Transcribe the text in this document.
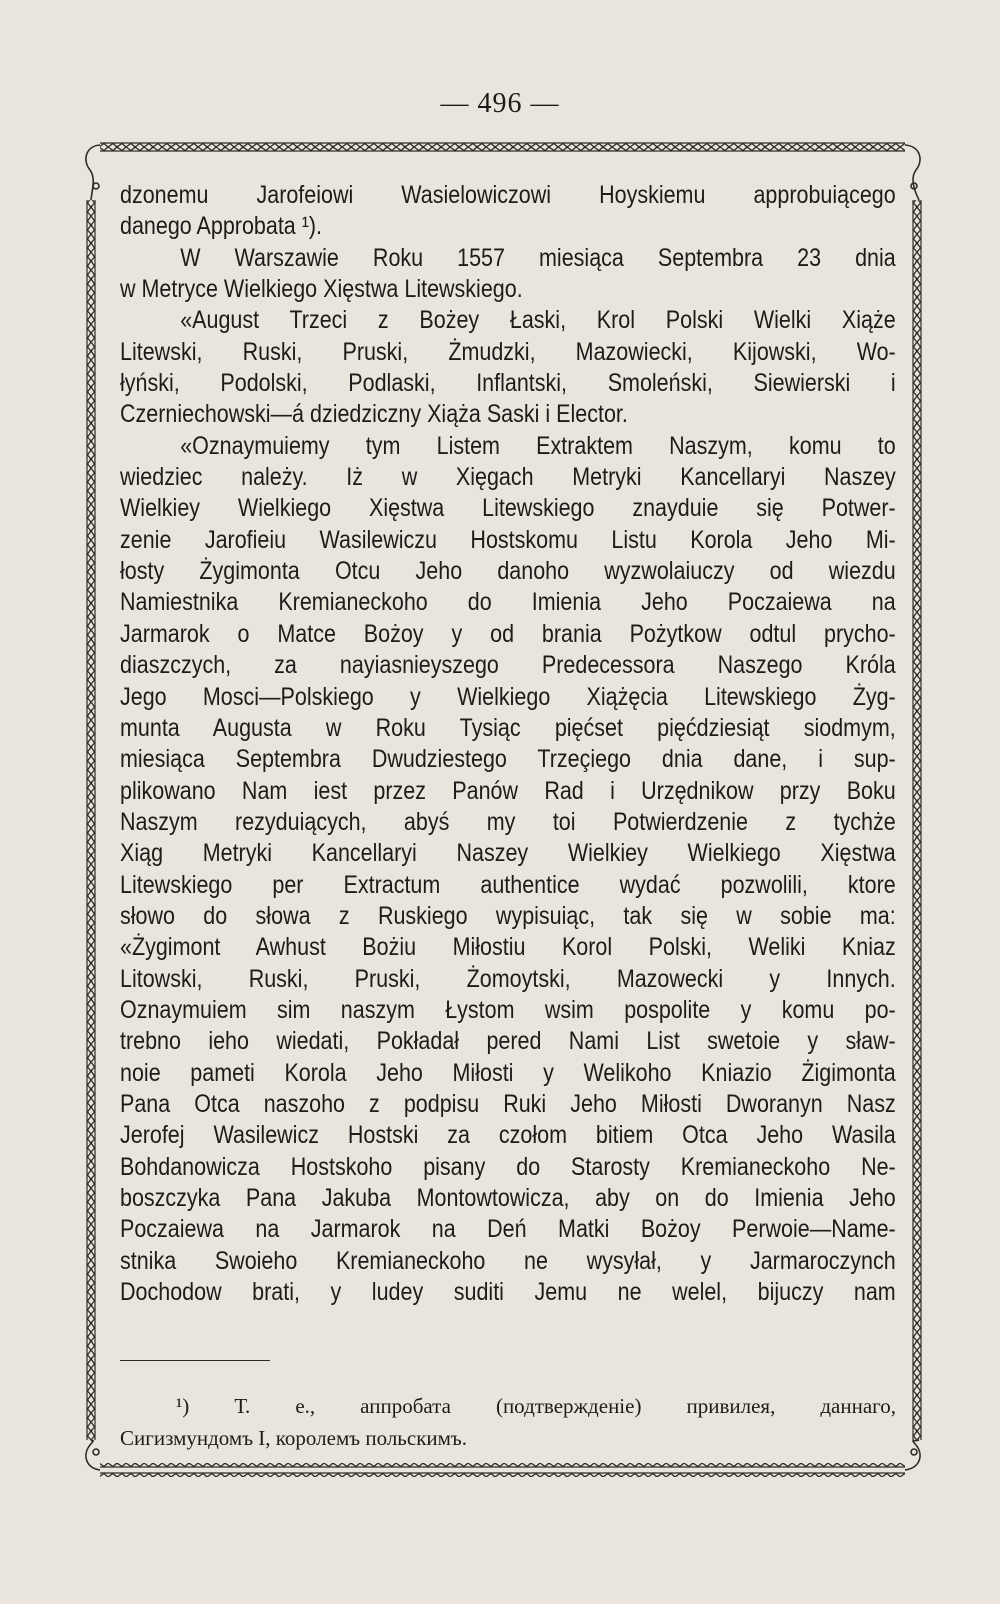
— 496 —
dzonemu Jarofeiowi Wasielowiczowi Hoyskiemu approbuiącego
danego Approbata ¹).
W Warszawie Roku 1557 miesiąca Septembra 23 dnia
w Metryce Wielkiego Xięstwa Litewskiego.
«August Trzeci z Bożey Łaski, Krol Polski Wielki Xiąże
Litewski, Ruski, Pruski, Żmudzki, Mazowiecki, Kijowski, Wo-
łyński, Podolski, Podlaski, Inflantski, Smoleński, Siewierski i
Czerniechowski—á dziedziczny Xiąża Saski i Elector.
«Oznaymuiemy tym Listem Extraktem Naszym, komu to
wiedziec należy. Iż w Xięgach Metryki Kancellaryi Naszey
Wielkiey Wielkiego Xięstwa Litewskiego znayduie się Potwer-
zenie Jarofieiu Wasilewiczu Hostskomu Listu Korola Jeho Mi-
łosty Żygimonta Otcu Jeho danoho wyzwolaiuczy od wiezdu
Namiestnika Kremianeckoho do Imienia Jeho Poczaiewa na
Jarmarok o Matce Bożoy y od brania Pożytkow odtul prycho-
diaszczych, za nayiasnieyszego Predecessora Naszego Króla
Jego Mosci—Polskiego y Wielkiego Xiążęcia Litewskiego Żyg-
munta Augusta w Roku Tysiąc pięćset pięćdziesiąt siodmym,
miesiąca Septembra Dwudziestego Trzeçiego dnia dane, i sup-
plikowano Nam iest przez Panów Rad i Urzędnikow przy Boku
Naszym rezyduiących, abyś my toi Potwierdzenie z tychże
Xiąg Metryki Kancellaryi Naszey Wielkiey Wielkiego Xięstwa
Litewskiego per Extractum authentice wydać pozwolili, ktore
słowo do słowa z Ruskiego wypisuiąc, tak się w sobie ma:
«Żygimont Awhust Bożiu Miłostiu Korol Polski, Weliki Kniaz
Litowski, Ruski, Pruski, Żomoytski, Mazowecki y Innych.
Oznaymuiem sim naszym Łystom wsim pospolite y komu po-
trebno ieho wiedati, Pokładał pered Nami List swetoie y sław-
noie pameti Korola Jeho Miłosti y Welikoho Kniazio Żigimonta
Pana Otca naszoho z podpisu Ruki Jeho Miłosti Dworanyn Nasz
Jerofej Wasilewicz Hostski za czołom bitiem Otca Jeho Wasila
Bohdanowicza Hostskoho pisany do Starosty Kremianeckoho Ne-
boszczyka Pana Jakuba Montowtowicza, aby on do Imienia Jeho
Poczaiewa na Jarmarok na Deń Matki Bożoy Perwoie—Name-
stnika Swoieho Kremianeckoho ne wysyłał, y Jarmaroczynch
Dochodow brati, y ludey suditi Jemu ne welel, bijuczy nam
¹) Т. е., аппробата (подтвержденіе) привилея, даннаго,
Сигизмундомъ I, королемъ польскимъ.
